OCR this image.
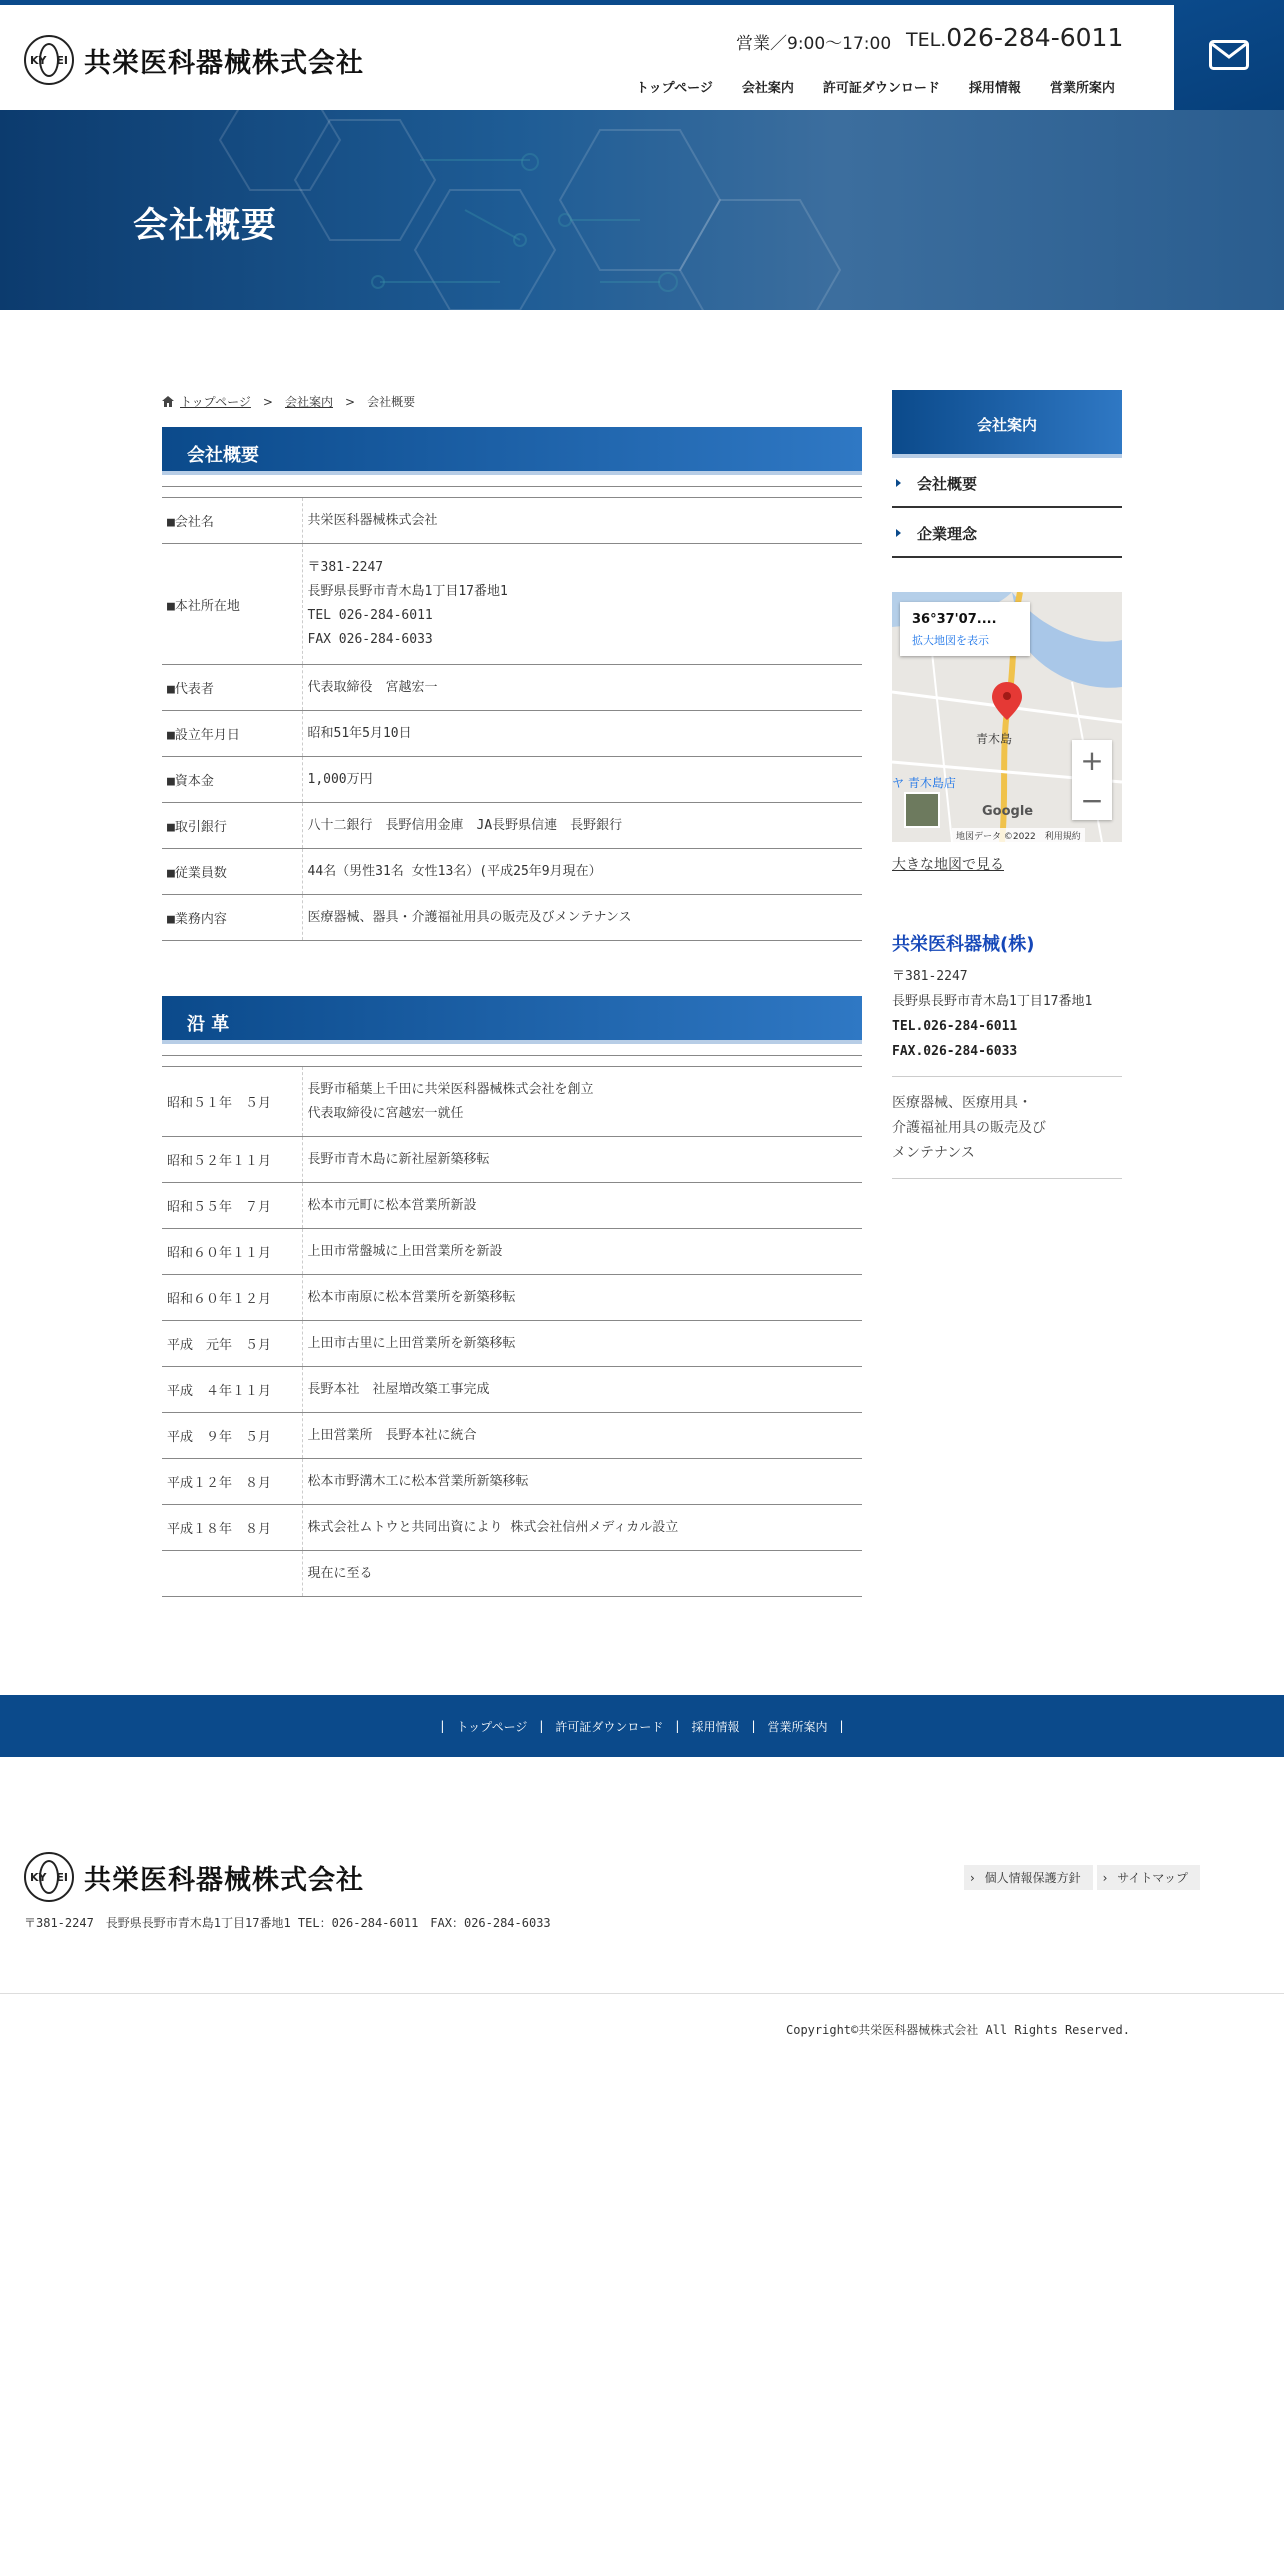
KY EI 共栄医科器械株式会社
営業／9:00〜17:00 TEL.026-284-6011
トップページ 会社案内 許可証ダウンロード 採用情報 営業所案内
会社概要
トップページ > 会社案内 > 会社概要
会社概要

■会社名	共栄医科器械株式会社

■本社所在地	〒381-2247
長野県長野市青木島1丁目17番地1
TEL 026-284-6011
FAX 026-284-6033

■代表者	代表取締役　宮越宏一

■設立年月日	昭和51年5月10日

■資本金	1,000万円

■取引銀行	八十二銀行　長野信用金庫　JA長野県信連　長野銀行

■従業員数	44名（男性31名 女性13名）(平成25年9月現在）

■業務内容	医療器械、器具・介護福祉用具の販売及びメンテナンス
沿 革

昭和５１年　５月	長野市稲葉上千田に共栄医科器械株式会社を創立
代表取締役に宮越宏一就任

昭和５２年１１月	長野市青木島に新社屋新築移転

昭和５５年　７月	松本市元町に松本営業所新設

昭和６０年１１月	上田市常盤城に上田営業所を新設

昭和６０年１２月	松本市南原に松本営業所を新築移転

平成　元年　５月	上田市古里に上田営業所を新築移転

平成　４年１１月	長野本社　社屋増改築工事完成

平成　９年　５月	上田営業所　長野本社に統合

平成１２年　８月	松本市野溝木工に松本営業所新築移転

平成１８年　８月	株式会社ムトウと共同出資により 株式会社信州メディカル設立

	現在に至る
会社案内
会社概要
企業理念
36°37'07....
拡大地図を表示
青木島
ヤ 青木島店
+
−
Google
地図データ ©2022　利用規約
大きな地図で見る
共栄医科器械(株)
〒381-2247
長野県長野市青木島1丁目17番地1
TEL.026-284-6011
FAX.026-284-6033
医療器械、医療用具・
介護福祉用具の販売及び
メンテナンス
| トップページ | 許可証ダウンロード | 採用情報 | 営業所案内 |
KY EI 共栄医科器械株式会社	› 個人情報保護方針	› サイトマップ
〒381-2247　長野県長野市青木島1丁目17番地1 TEL：026-284-6011　FAX：026-284-6033
Copyright©共栄医科器械株式会社 All Rights Reserved.
